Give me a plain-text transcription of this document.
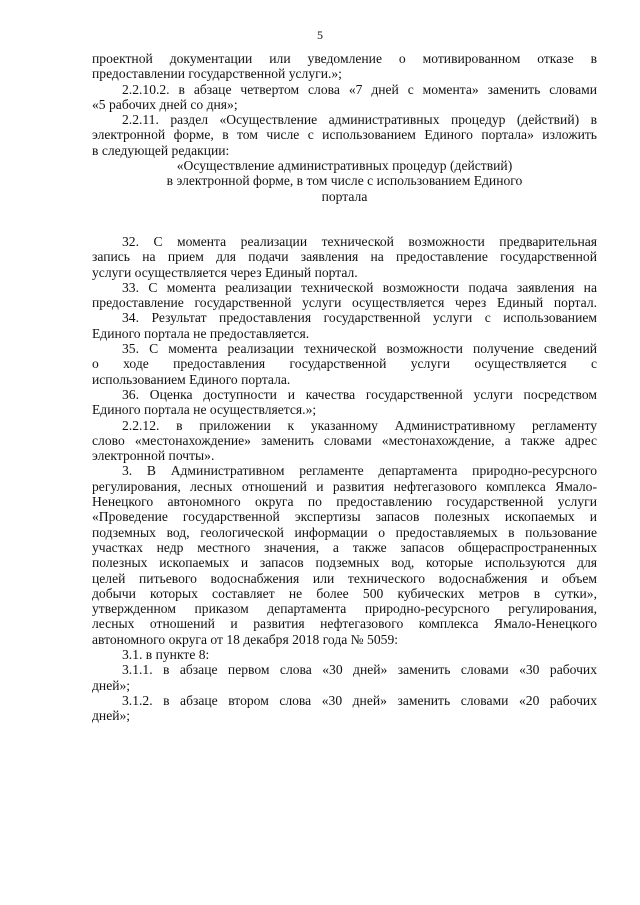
5
проектной документации или уведомление о мотивированном отказе в
предоставлении государственной услуги.»;
2.2.10.2. в абзаце четвертом слова «7 дней с момента» заменить словами
«5 рабочих дней со дня»;
2.2.11. раздел «Осуществление административных процедур (действий) в
электронной форме, в том числе с использованием Единого портала» изложить
в следующей редакции:
«Осуществление административных процедур (действий)
в электронной форме, в том числе с использованием Единого
портала
32. С момента реализации технической возможности предварительная
запись на прием для подачи заявления на предоставление государственной
услуги осуществляется через Единый портал.
33. С момента реализации технической возможности подача заявления на
предоставление государственной услуги осуществляется через Единый портал.
34. Результат предоставления государственной услуги с использованием
Единого портала не предоставляется.
35. С момента реализации технической возможности получение сведений
о ходе предоставления государственной услуги осуществляется с
использованием Единого портала.
36. Оценка доступности и качества государственной услуги посредством
Единого портала не осуществляется.»;
2.2.12. в приложении к указанному Административному регламенту
слово «местонахождение» заменить словами «местонахождение, а также адрес
электронной почты».
3. В Административном регламенте департамента природно-ресурсного
регулирования, лесных отношений и развития нефтегазового комплекса Ямало-
Ненецкого автономного округа по предоставлению государственной услуги
«Проведение государственной экспертизы запасов полезных ископаемых и
подземных вод, геологической информации о предоставляемых в пользование
участках недр местного значения, а также запасов общераспространенных
полезных ископаемых и запасов подземных вод, которые используются для
целей питьевого водоснабжения или технического водоснабжения и объем
добычи которых составляет не более 500 кубических метров в сутки»,
утвержденном приказом департамента природно-ресурсного регулирования,
лесных отношений и развития нефтегазового комплекса Ямало-Ненецкого
автономного округа от 18 декабря 2018 года № 5059:
3.1. в пункте 8:
3.1.1. в абзаце первом слова «30 дней» заменить словами «30 рабочих
дней»;
3.1.2. в абзаце втором слова «30 дней» заменить словами «20 рабочих
дней»;
